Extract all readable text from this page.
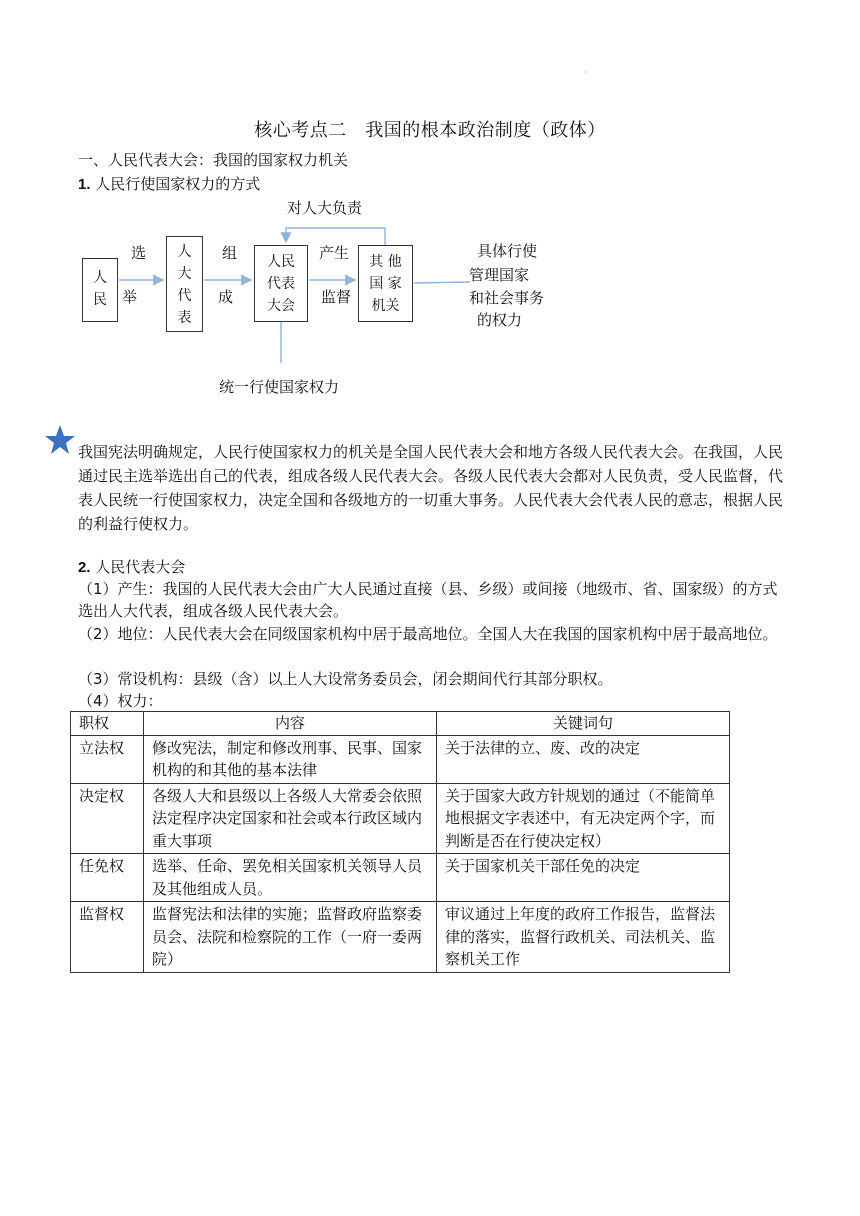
·
核心考点二　我国的根本政治制度（政体）
一、人民代表大会：我国的国家权力机关
1. 人民行使国家权力的方式
人
民
人
大
代
表
人民
代表
大会
其 他
国 家
机关
选
举
组
成
产生
监督
对人大负责
统一行使国家权力
具体行使
管理国家
和社会事务
的权力
我国宪法明确规定，人民行使国家权力的机关是全国人民代表大会和地方各级人民代表大会。在我国，人民通过民主选举选出自己的代表，组成各级人民代表大会。各级人民代表大会都对人民负责，受人民监督，代表人民统一行使国家权力，决定全国和各级地方的一切重大事务。人民代表大会代表人民的意志，根据人民的利益行使权力。
2. 人民代表大会
（1）产生：我国的人民代表大会由广大人民通过直接（县、乡级）或间接（地级市、省、国家级）的方式选出人大代表，组成各级人民代表大会。
（2）地位：人民代表大会在同级国家机构中居于最高地位。全国人大在我国的国家机构中居于最高地位。
（3）常设机构：县级（含）以上人大设常务委员会，闭会期间代行其部分职权。
（4）权力：
职权	内容	关键词句
立法权	修改宪法，制定和修改刑事、民事、国家机构的和其他的基本法律	关于法律的立、废、改的决定
决定权	各级人大和县级以上各级人大常委会依照法定程序决定国家和社会或本行政区域内重大事项	关于国家大政方针规划的通过（不能简单地根据文字表述中，有无决定两个字，而判断是否在行使决定权）
任免权	选举、任命、罢免相关国家机关领导人员及其他组成人员。	关于国家机关干部任免的决定
监督权	监督宪法和法律的实施；监督政府监察委员会、法院和检察院的工作（一府一委两院）	审议通过上年度的政府工作报告，监督法律的落实，监督行政机关、司法机关、监察机关工作
